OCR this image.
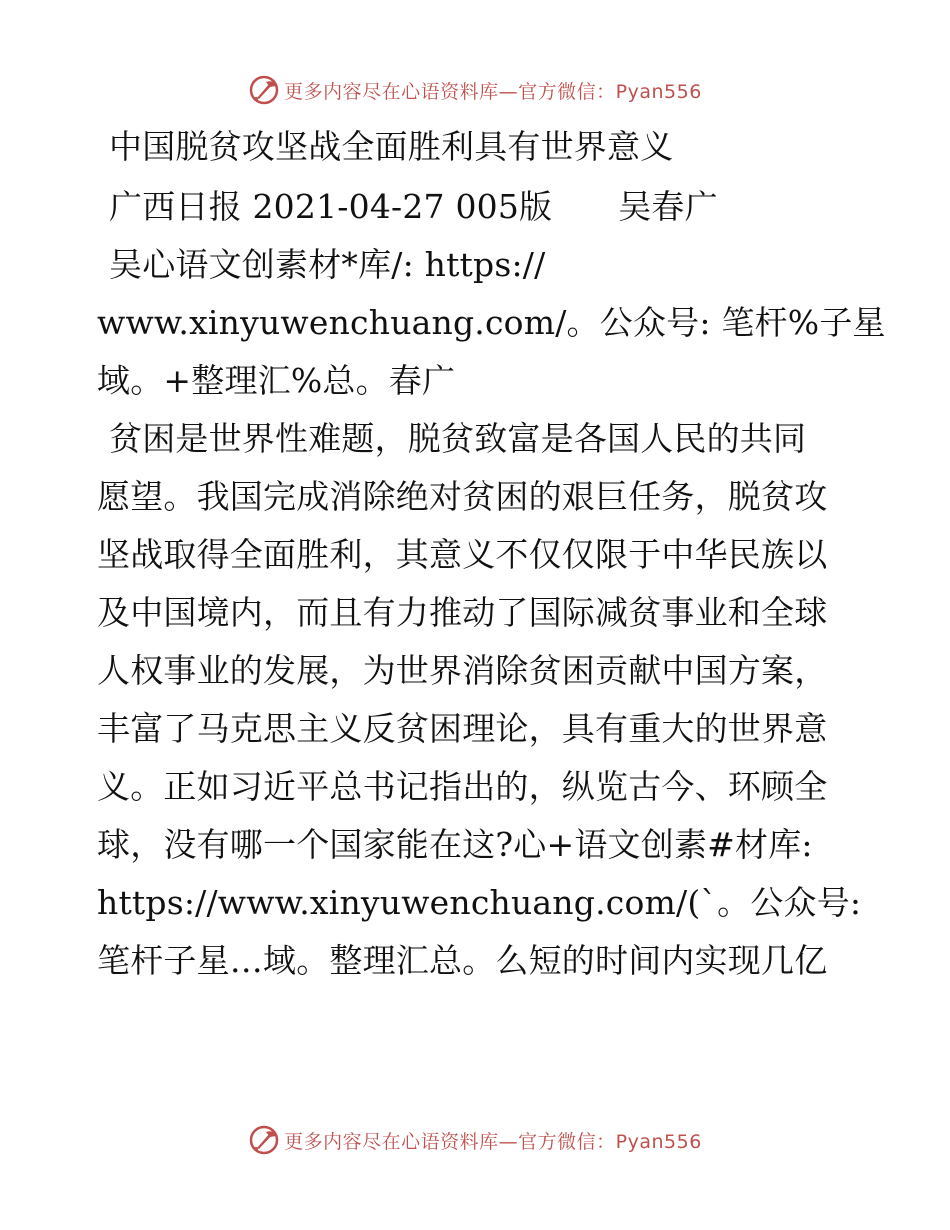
更多内容尽在心语资料库—官方微信：Pyan556
中国脱贫攻坚战全面胜利具有世界意义
广西日报 2021-04-27 005版 吴春广
吴心语文创素材*库/: https://
www.xinyuwenchuang.com/。公众号: 笔杆%子星
域。+整理汇%总。春广
贫困是世界性难题，脱贫致富是各国人民的共同
愿望。我国完成消除绝对贫困的艰巨任务，脱贫攻
坚战取得全面胜利，其意义不仅仅限于中华民族以
及中国境内，而且有力推动了国际减贫事业和全球
人权事业的发展，为世界消除贫困贡献中国方案，
丰富了马克思主义反贫困理论，具有重大的世界意
义。正如习近平总书记指出的，纵览古今、环顾全
球，没有哪一个国家能在这?心+语文创素#材库:
https://www.xinyuwenchuang.com/(`。公众号:
笔杆子星…域。整理汇总。么短的时间内实现几亿
更多内容尽在心语资料库—官方微信：Pyan556
